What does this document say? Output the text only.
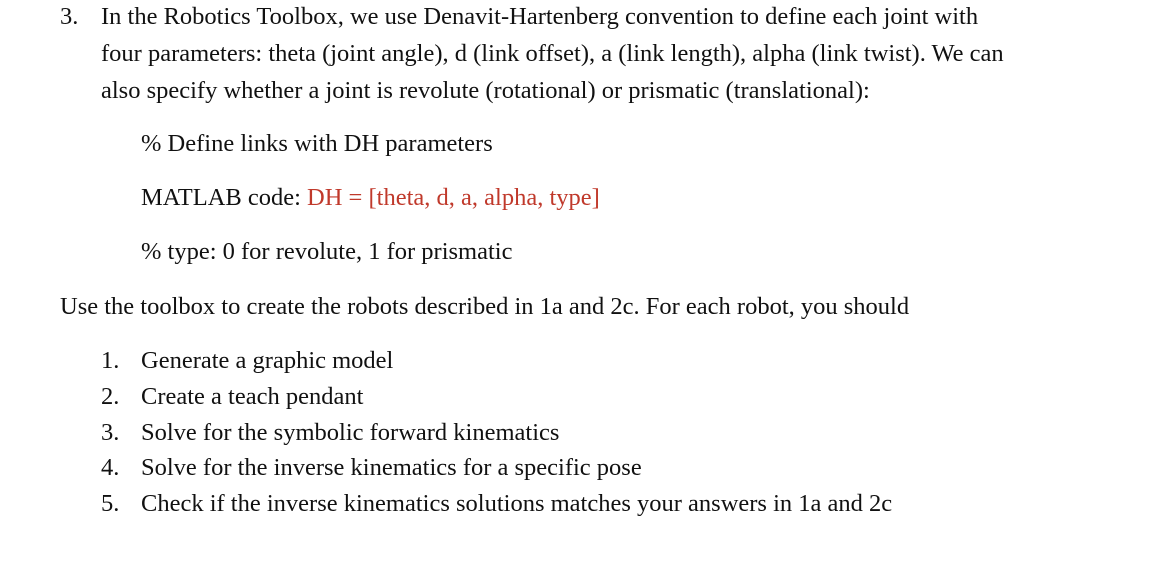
3. In the Robotics Toolbox, we use Denavit-Hartenberg convention to define each joint with
four parameters: theta (joint angle), d (link offset), a (link length), alpha (link twist). We can
also specify whether a joint is revolute (rotational) or prismatic (translational):
% Define links with DH parameters
MATLAB code: DH = [theta, d, a, alpha, type]
% type: 0 for revolute, 1 for prismatic
Use the toolbox to create the robots described in 1a and 2c. For each robot, you should
1. Generate a graphic model
2. Create a teach pendant
3. Solve for the symbolic forward kinematics
4. Solve for the inverse kinematics for a specific pose
5. Check if the inverse kinematics solutions matches your answers in 1a and 2c
